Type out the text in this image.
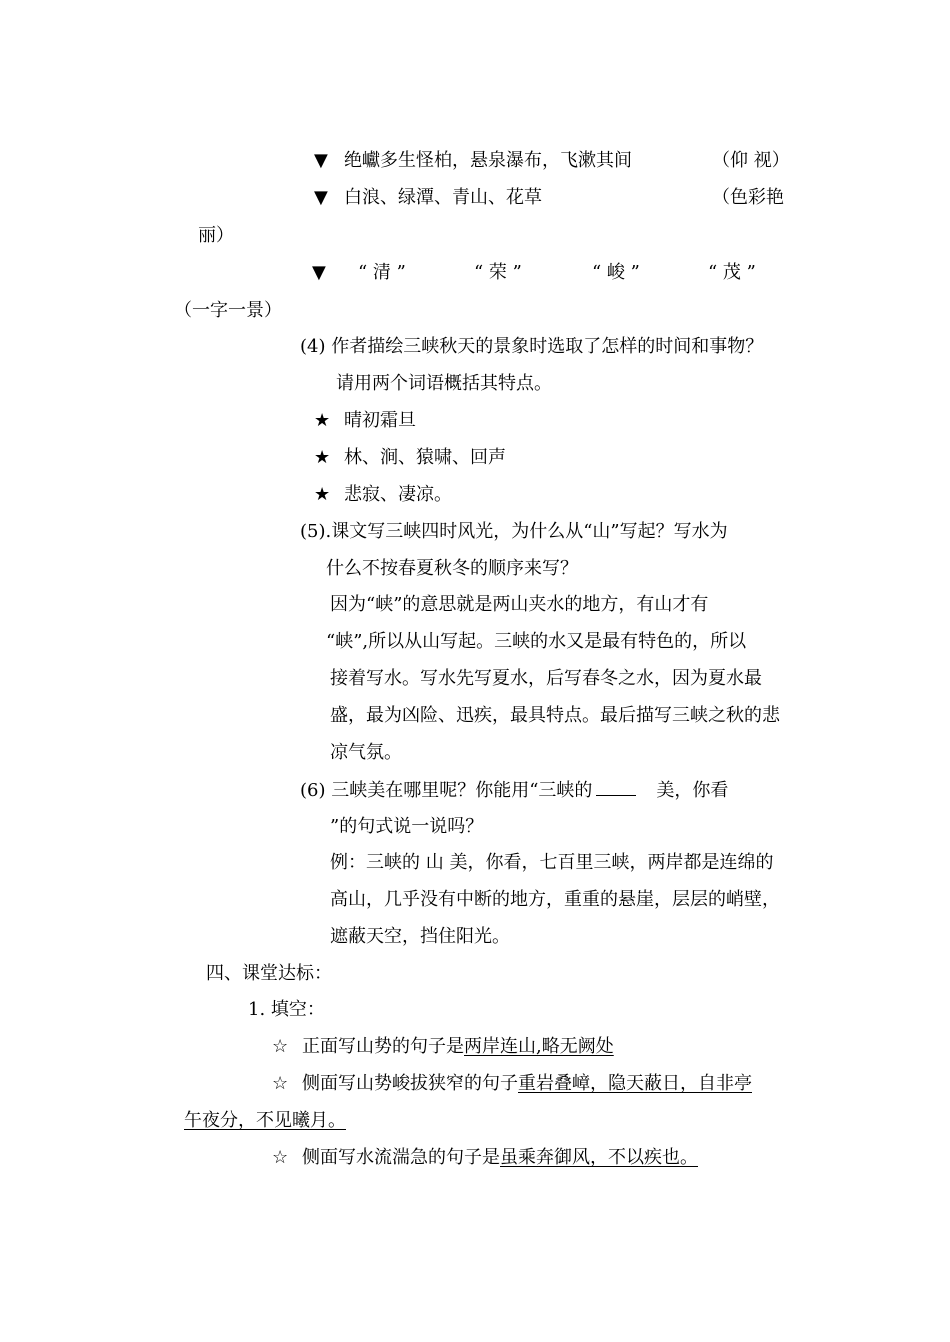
▼ 绝巘多生怪柏，悬泉瀑布，飞漱其间	（仰 视）
▼ 白浪、绿潭、青山、花草	（色彩艳
丽）
▼	“ 清 ”	“ 荣 ”	“ 峻 ”	“ 茂 ”
（一字一景）
(4) 作者描绘三峡秋天的景象时选取了怎样的时间和事物？
请用两个词语概括其特点。
★ 晴初霜旦
★ 林、涧、猿啸、回声
★ 悲寂、凄凉。
(5).课文写三峡四时风光，为什么从“山”写起？写水为
什么不按春夏秋冬的顺序来写？
因为“峡”的意思就是两山夹水的地方，有山才有
“峡”,所以从山写起。三峡的水又是最有特色的，所以
接着写水。写水先写夏水，后写春冬之水，因为夏水最
盛，最为凶险、迅疾，最具特点。最后描写三峡之秋的悲
凉气氛。
(6) 三峡美在哪里呢？你能用“三峡的	美，你看
”的句式说一说吗？
例：三峡的 山 美，你看，七百里三峡，两岸都是连绵的
高山，几乎没有中断的地方，重重的悬崖，层层的峭壁，
遮蔽天空，挡住阳光。
四、课堂达标：
1. 填空：
☆ 正面写山势的句子是两岸连山,略无阙处
☆ 侧面写山势峻拔狭窄的句子重岩叠嶂，隐天蔽日，自非亭
午夜分，不见曦月。
☆ 侧面写水流湍急的句子是虽乘奔御风，不以疾也。
